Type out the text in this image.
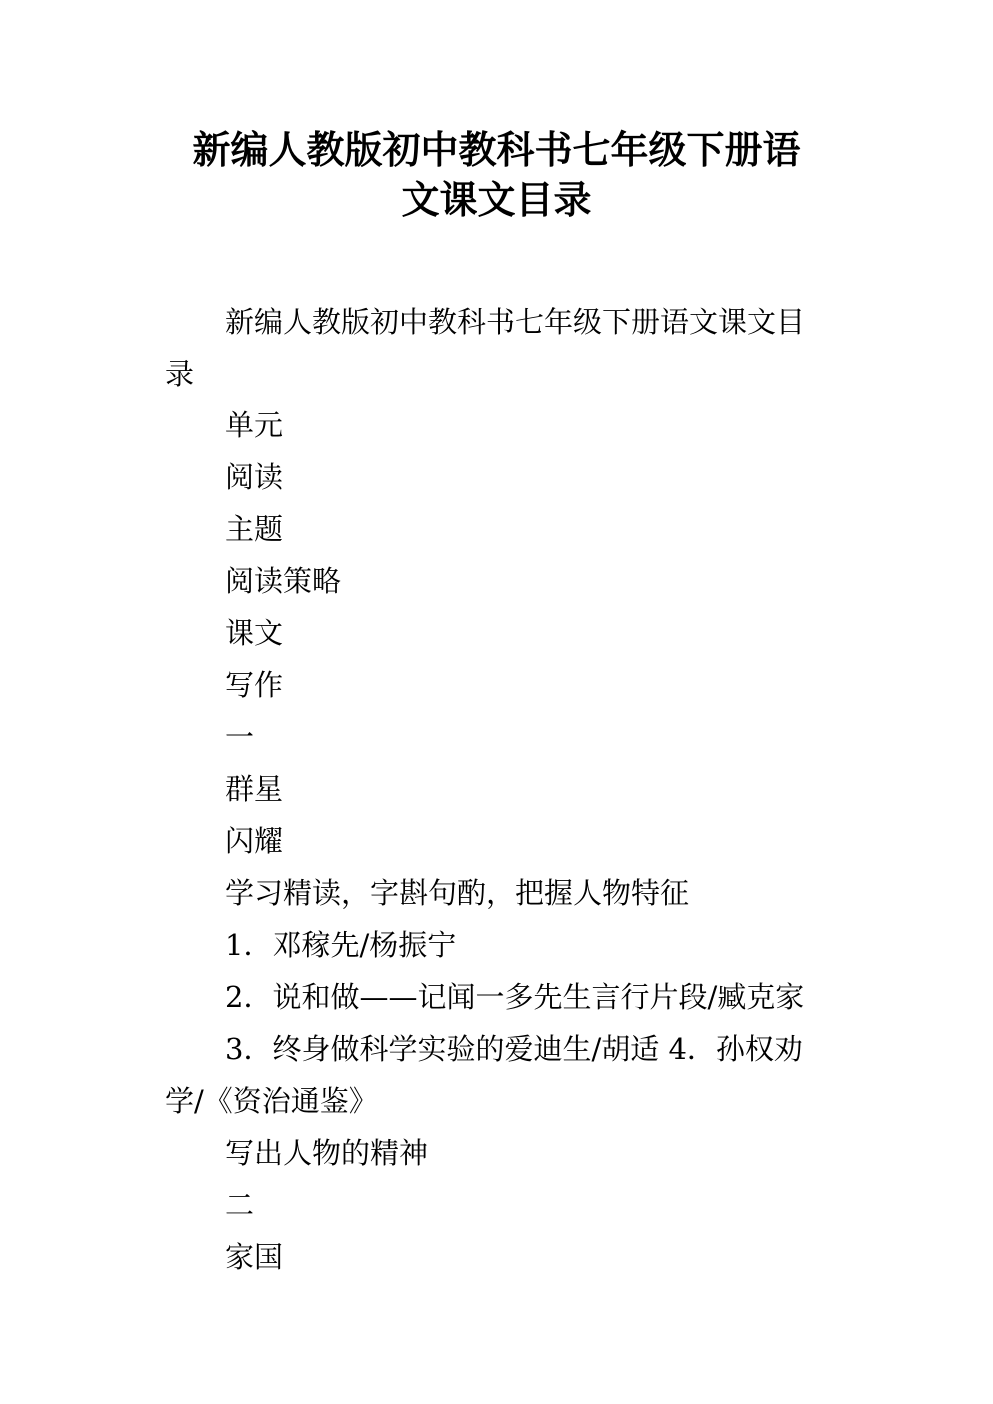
新编人教版初中教科书七年级下册语
文课文目录

新编人教版初中教科书七年级下册语文课文目

录

单元

阅读

主题

阅读策略

课文

写作

一

群星

闪耀

学习精读，字斟句酌，把握人物特征

1．邓稼先/杨振宁

2．说和做——记闻一多先生言行片段/臧克家

3．终身做科学实验的爱迪生/胡适 4．孙权劝

学/《资治通鉴》

写出人物的精神

二

家国
